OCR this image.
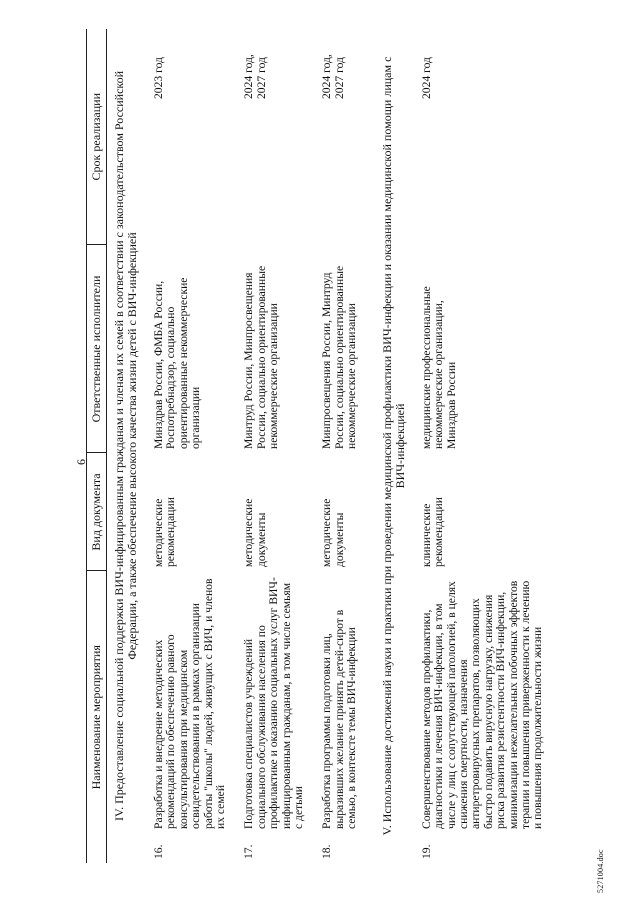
6
Наименование мероприятия		Вид документа	Ответственные исполнители	Срок реализации	
IV. Предоставление социальной поддержки ВИЧ-инфицированным гражданам и членам их семей в соответствии с законодательством Российской Федерации, а также обеспечение высокого качества жизни детей с ВИЧ-инфекцией					
16.	Разработка и внедрение методических рекомендаций по обеспечению равного консультирования при медицинском освидетельствовании и в рамках организации работы "школы" людей, живущих с ВИЧ, и членов их семей	методические рекомендации	Минздрав России, ФМБА России, Роспотребнадзор, социально ориентированные некоммерческие организации		2023 год
17.	Подготовка специалистов учреждений социального обслуживания населения по профилактике и оказанию социальных услуг ВИЧ-инфицированным гражданам, в том числе семьям с детьми	методические документы	Минтруд России, Минпросвещения России, социально ориентированные некоммерческие организации		2024 год, 2027 год
18.	Разработка программы подготовки лиц, выразивших желание принять детей-сирот в семью, в контексте темы ВИЧ-инфекции	методические документы	Минпросвещения России, Минтруд России, социально ориентированные некоммерческие организации		2024 год, 2027 год
V. Использование достижений науки и практики при проведении медицинской профилактики ВИЧ-инфекции и оказании медицинской помощи лицам с ВИЧ-инфекцией					
19.	Совершенствование методов профилактики, диагностики и лечения ВИЧ-инфекции, в том числе у лиц с сопутствующей патологией, в целях снижения смертности, назначения антиретровирусных препаратов, позволяющих быстро подавить вирусную нагрузку, снижения риска развития резистентности ВИЧ-инфекции, минимизации нежелательных побочных эффектов терапии и повышения приверженности к лечению и повышения продолжительности жизни	клинические рекомендации	медицинские профессиональные некоммерческие организации, Минздрав России		2024 год
5271004.doc
